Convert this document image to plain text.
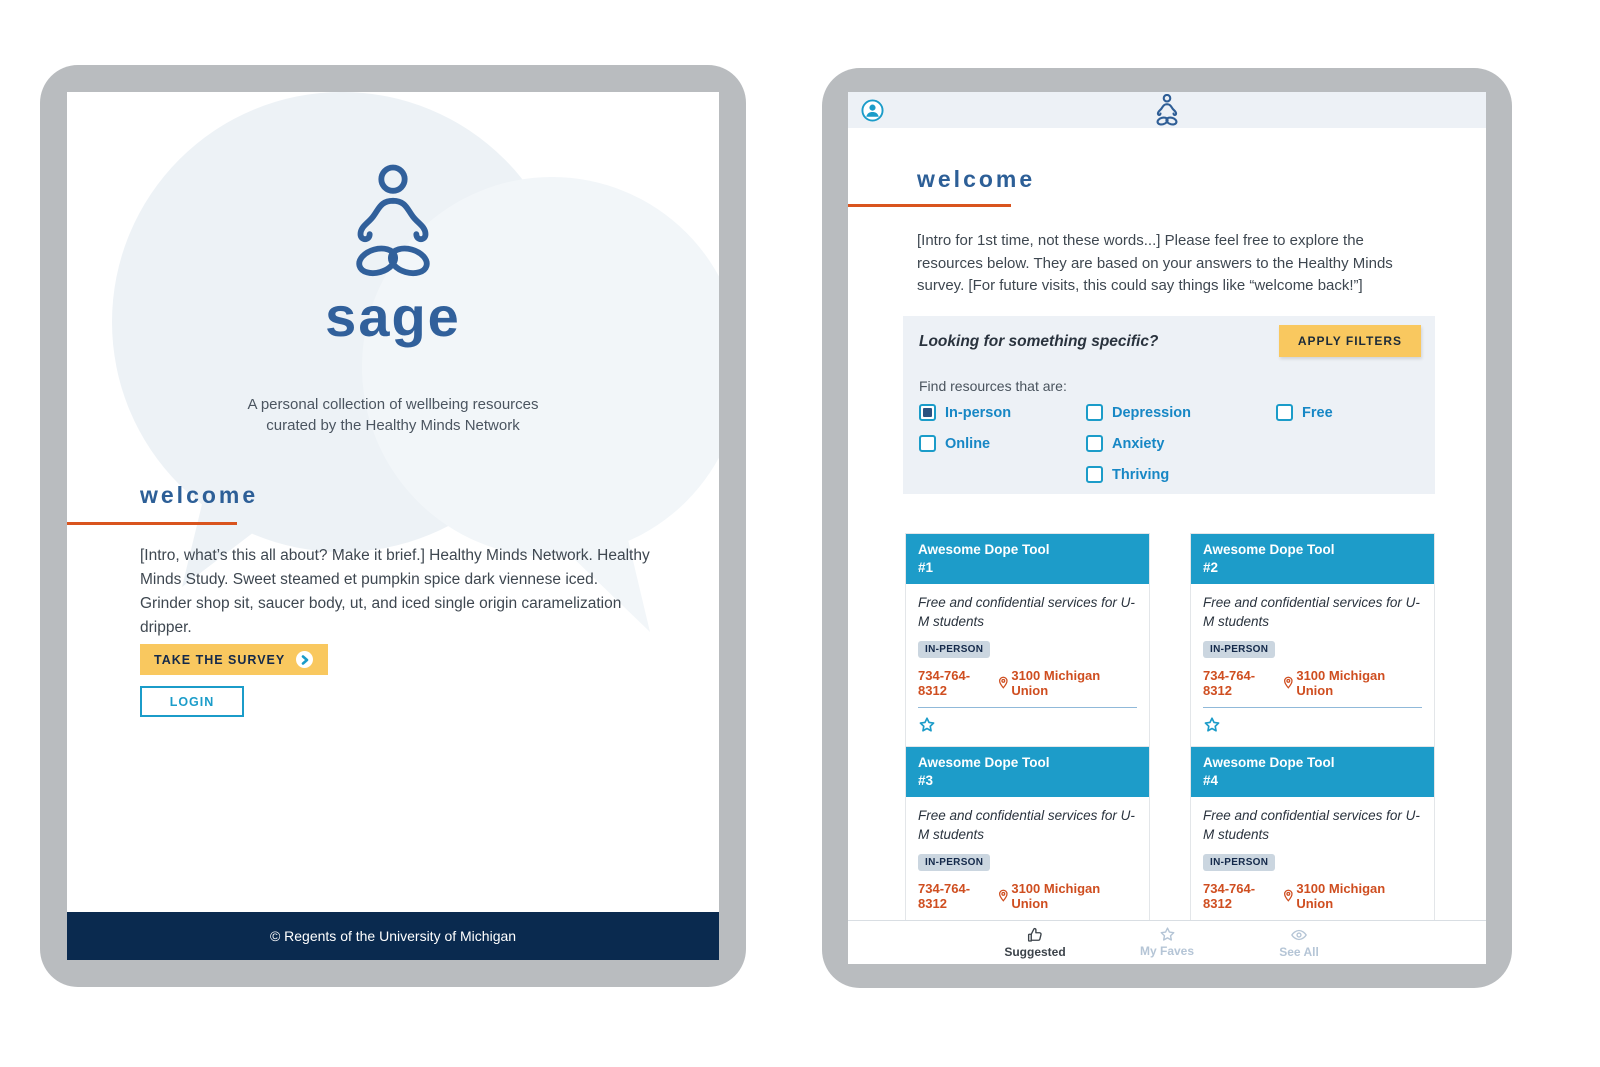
sage
A personal collection of wellbeing resources
curated by the Healthy Minds Network
welcome

[Intro, what’s this all about? Make it brief.] Healthy Minds Network. Healthy Minds Study. Sweet steamed et pumpkin spice dark viennese iced. Grinder shop sit, saucer body, ut, and iced single origin caramelization dripper.

TAKE THE SURVEY
LOGIN
© Regents of the University of Michigan
welcome

[Intro for 1st time, not these words...] Please feel free to explore the resources below. They are based on your answers to the Healthy Minds survey. [For future visits, this could say things like “welcome back!”]

Looking for something specific?	APPLY FILTERS
Find resources that are:
In-person
Online
Depression
Anxiety
Thriving
Free
Awesome Dope Tool
#1
Free and confidential services for U-M students
IN-PERSON
734-764-8312
3100 Michigan Union
Awesome Dope Tool
#2
Free and confidential services for U-M students
IN-PERSON
734-764-8312
3100 Michigan Union
Awesome Dope Tool
#3
Free and confidential services for U-M students
IN-PERSON
734-764-8312
3100 Michigan Union
Awesome Dope Tool
#4
Free and confidential services for U-M students
IN-PERSON
734-764-8312
3100 Michigan Union
Suggested	My Faves	See All
